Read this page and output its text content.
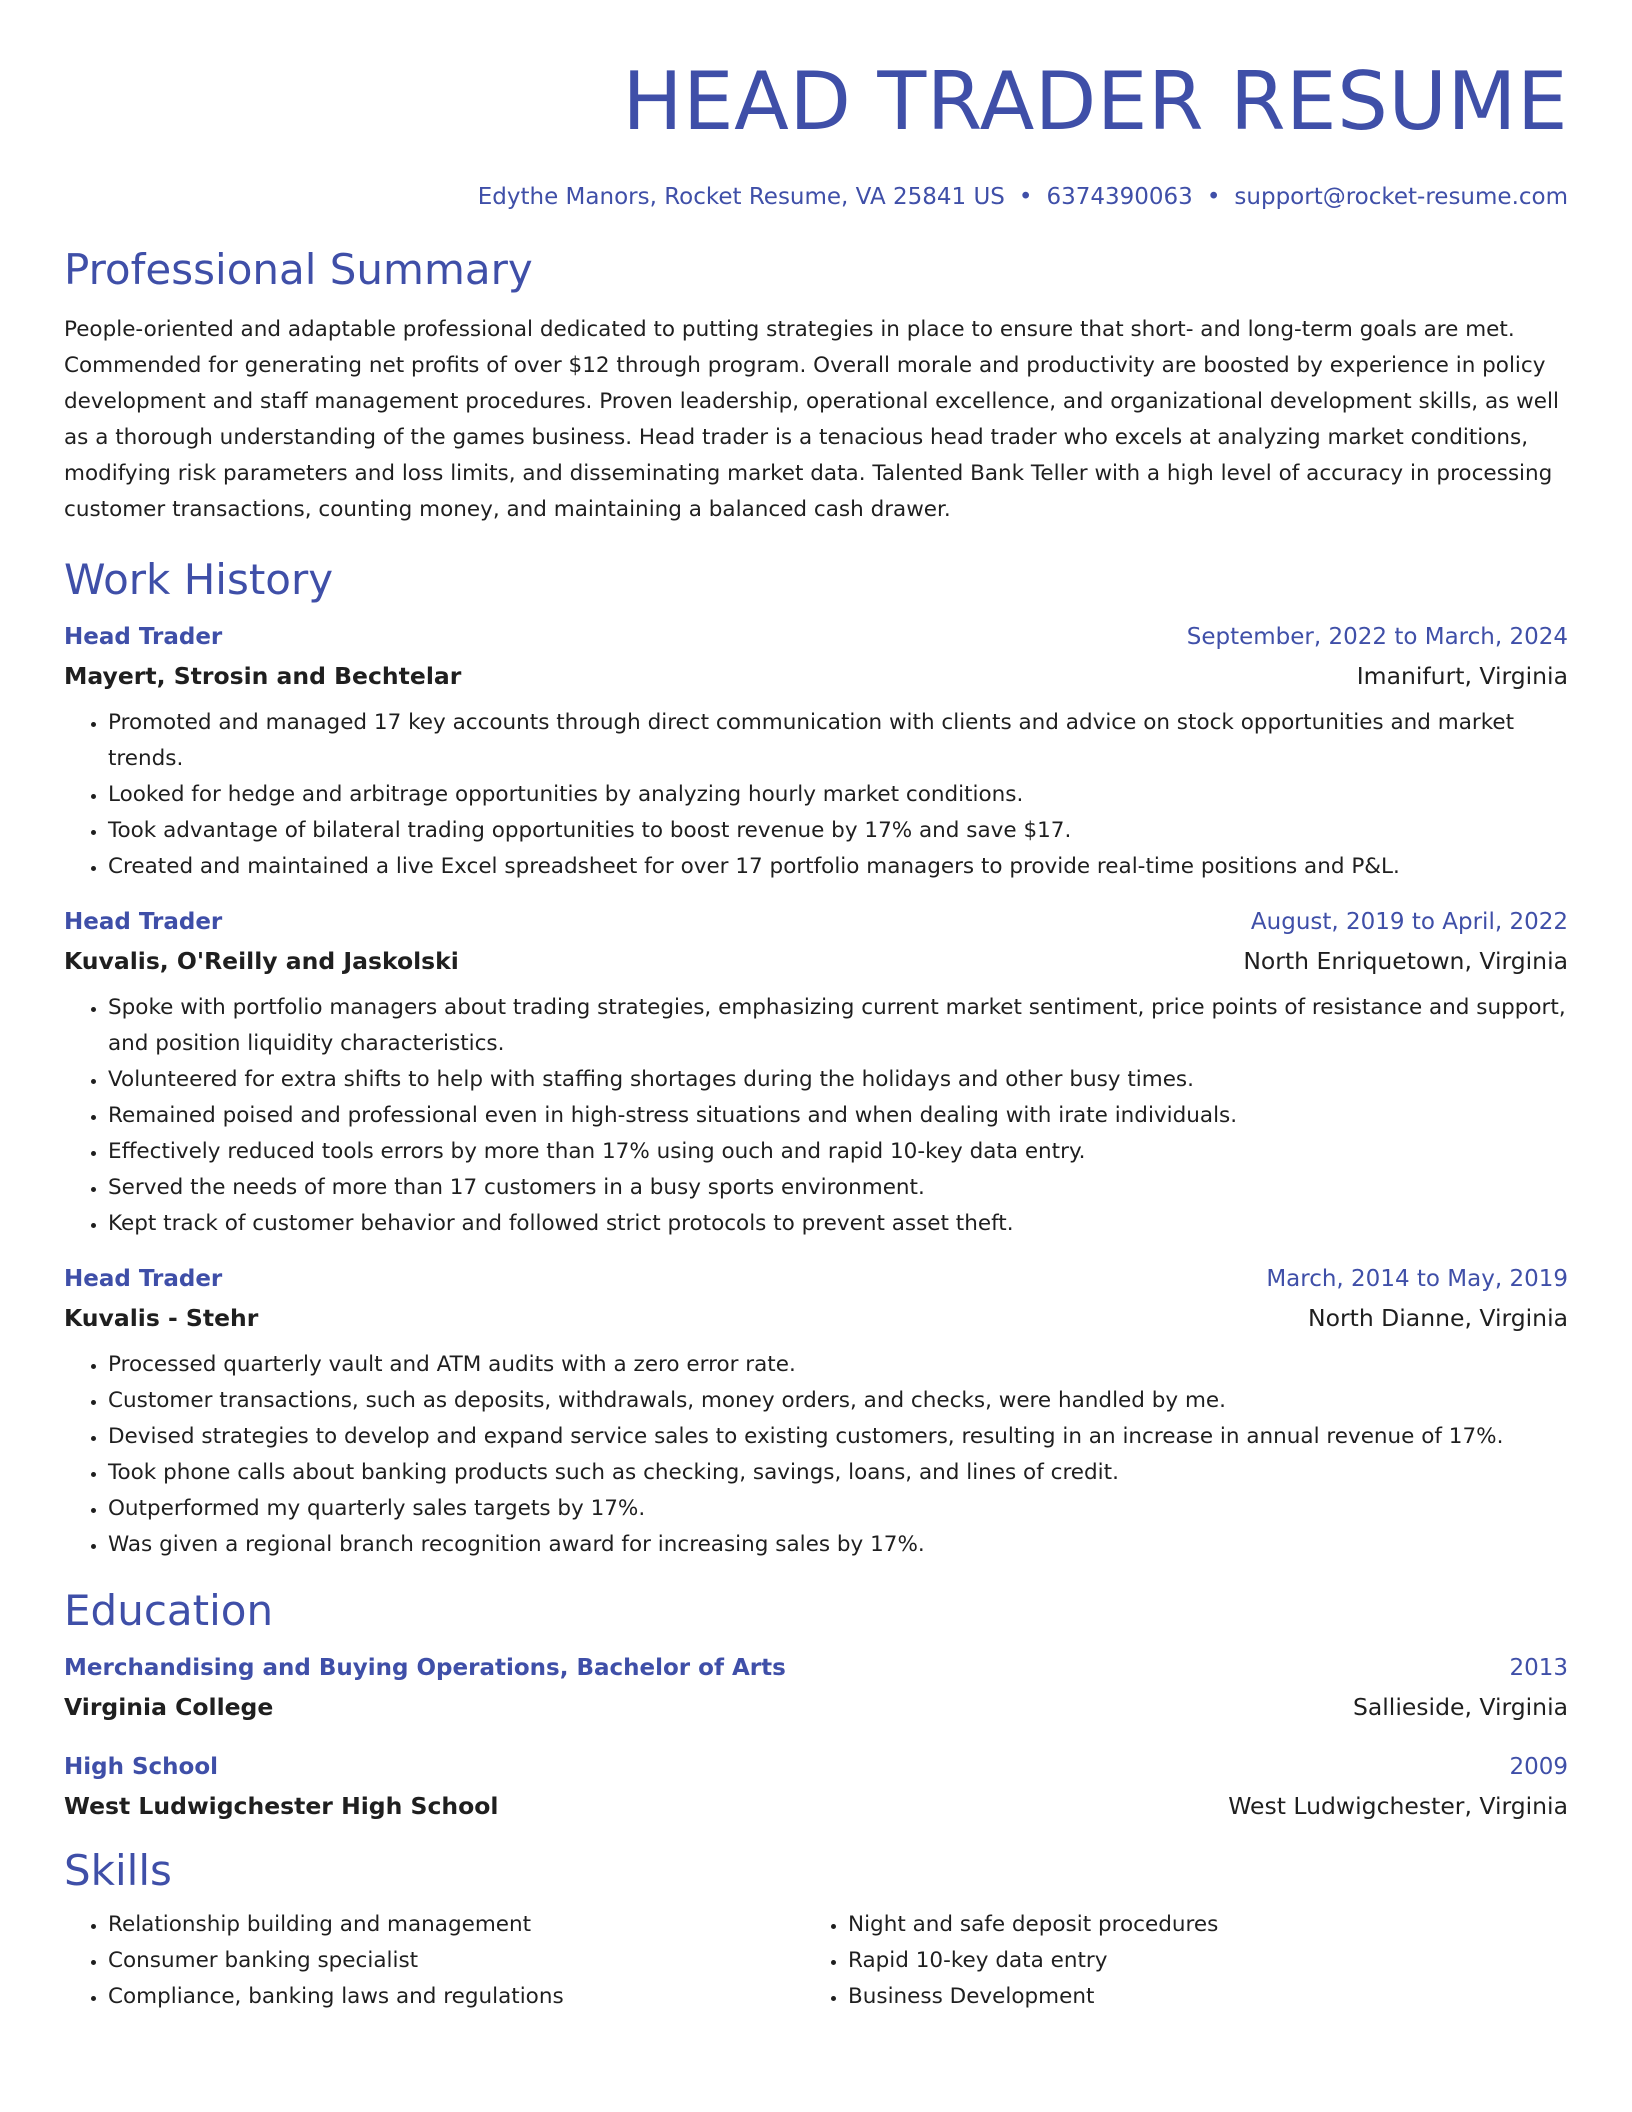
HEAD TRADER RESUME
Edythe Manors, Rocket Resume, VA 25841 US • 6374390063 • support@rocket-resume.com
Professional Summary
People-oriented and adaptable professional dedicated to putting strategies in place to ensure that short- and long-term goals are met. Commended for generating net profits of over $12 through program. Overall morale and productivity are boosted by experience in policy development and staff management procedures. Proven leadership, operational excellence, and organizational development skills, as well as a thorough understanding of the games business. Head trader is a tenacious head trader who excels at analyzing market conditions, modifying risk parameters and loss limits, and disseminating market data. Talented Bank Teller with a high level of accuracy in processing customer transactions, counting money, and maintaining a balanced cash drawer.
Work History
Head Trader	September, 2022 to March, 2024
Mayert, Strosin and Bechtelar	Imanifurt, Virginia
• Promoted and managed 17 key accounts through direct communication with clients and advice on stock opportunities and market trends.
• Looked for hedge and arbitrage opportunities by analyzing hourly market conditions.
• Took advantage of bilateral trading opportunities to boost revenue by 17% and save $17.
• Created and maintained a live Excel spreadsheet for over 17 portfolio managers to provide real-time positions and P&L.
Head Trader	August, 2019 to April, 2022
Kuvalis, O'Reilly and Jaskolski	North Enriquetown, Virginia
• Spoke with portfolio managers about trading strategies, emphasizing current market sentiment, price points of resistance and support, and position liquidity characteristics.
• Volunteered for extra shifts to help with staffing shortages during the holidays and other busy times.
• Remained poised and professional even in high-stress situations and when dealing with irate individuals.
• Effectively reduced tools errors by more than 17% using ouch and rapid 10-key data entry.
• Served the needs of more than 17 customers in a busy sports environment.
• Kept track of customer behavior and followed strict protocols to prevent asset theft.
Head Trader	March, 2014 to May, 2019
Kuvalis - Stehr	North Dianne, Virginia
• Processed quarterly vault and ATM audits with a zero error rate.
• Customer transactions, such as deposits, withdrawals, money orders, and checks, were handled by me.
• Devised strategies to develop and expand service sales to existing customers, resulting in an increase in annual revenue of 17%.
• Took phone calls about banking products such as checking, savings, loans, and lines of credit.
• Outperformed my quarterly sales targets by 17%.
• Was given a regional branch recognition award for increasing sales by 17%.
Education
Merchandising and Buying Operations, Bachelor of Arts	2013
Virginia College	Sallieside, Virginia
High School	2009
West Ludwigchester High School	West Ludwigchester, Virginia
Skills
• Relationship building and management
• Consumer banking specialist
• Compliance, banking laws and regulations
• Night and safe deposit procedures
• Rapid 10-key data entry
• Business Development
